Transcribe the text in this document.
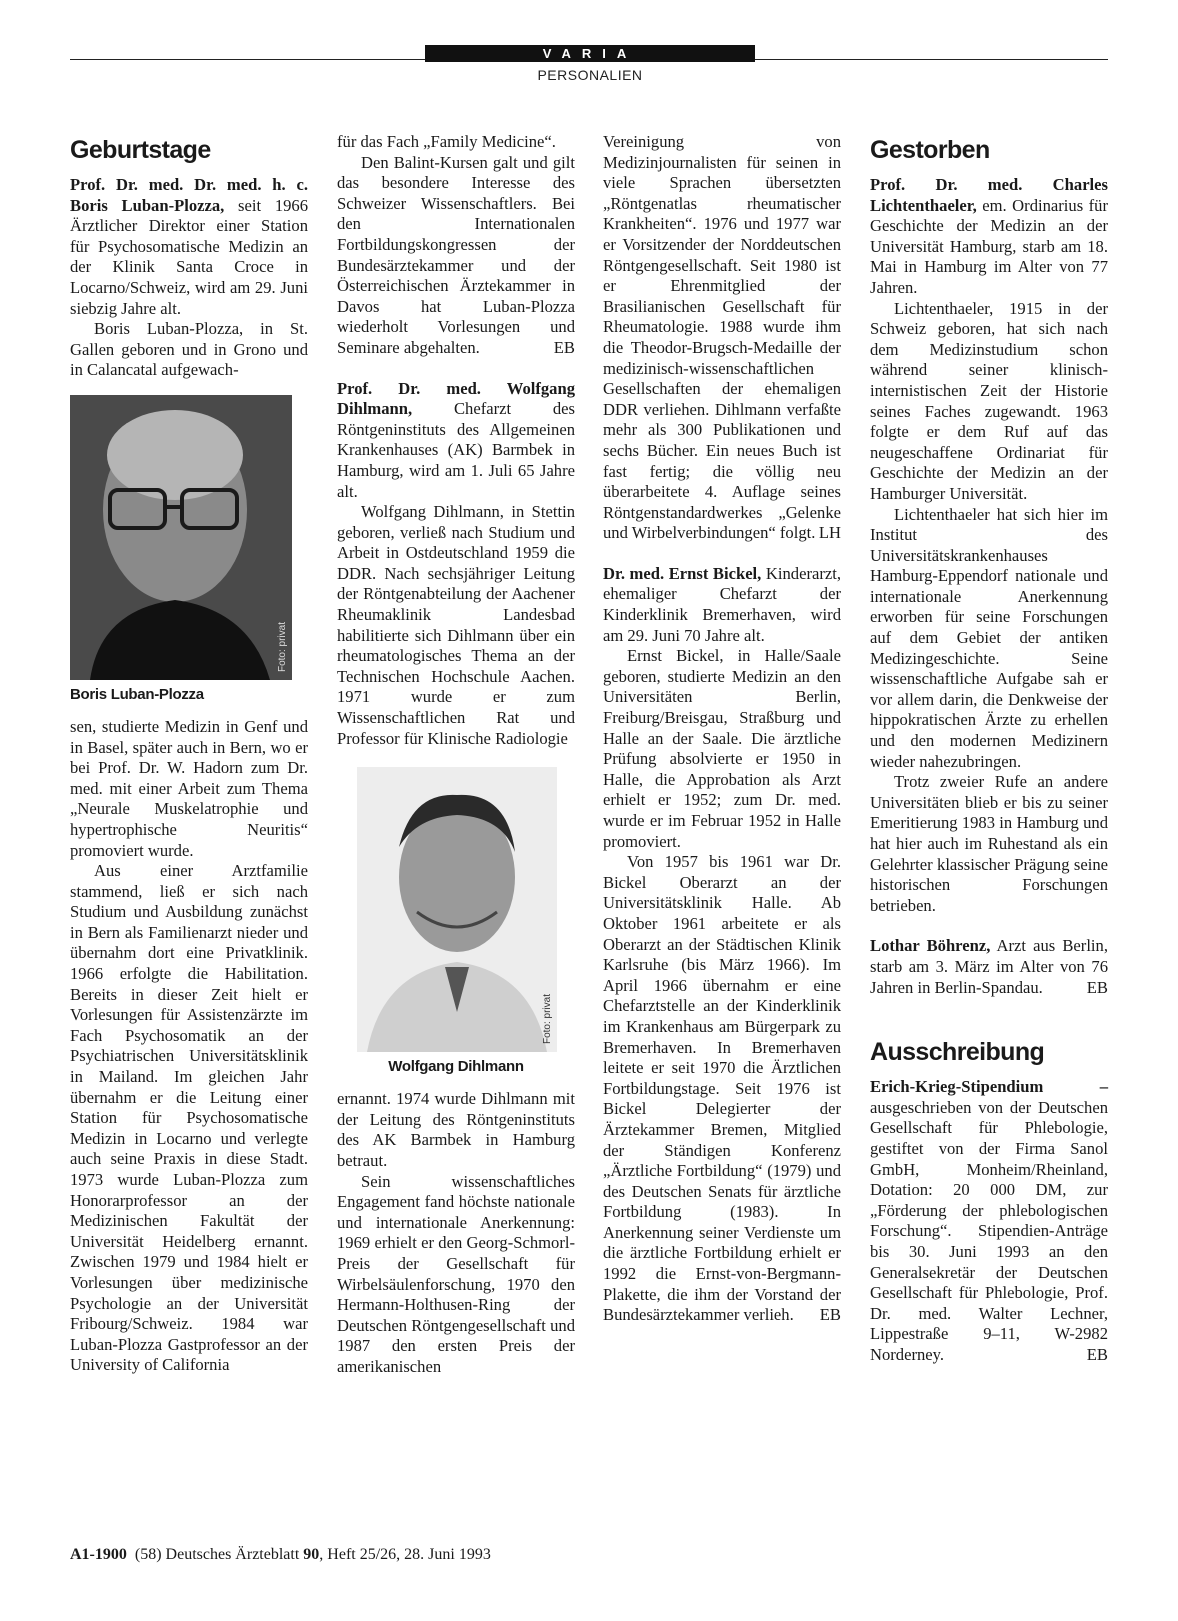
VARIA
PERSONALIEN
Geburtstage

Prof. Dr. med. Dr. med. h. c. Boris Luban-Plozza, seit 1966 Ärztlicher Direktor einer Station für Psychosomatische Medizin an der Klinik Santa Croce in Locarno/Schweiz, wird am 29. Juni siebzig Jahre alt.

Boris Luban-Plozza, in St. Gallen geboren und in Grono und in Calancatal aufgewach-

Foto: privat
Boris Luban-Plozza

sen, studierte Medizin in Genf und in Basel, später auch in Bern, wo er bei Prof. Dr. W. Hadorn zum Dr. med. mit einer Arbeit zum Thema „Neurale Muskelatrophie und hypertrophische Neuritis“ promoviert wurde.

Aus einer Arztfamilie stammend, ließ er sich nach Studium und Ausbildung zunächst in Bern als Familienarzt nieder und übernahm dort eine Privatklinik. 1966 erfolgte die Habilitation. Bereits in dieser Zeit hielt er Vorlesungen für Assistenzärzte im Fach Psychosomatik an der Psychiatrischen Universitätsklinik in Mailand. Im gleichen Jahr übernahm er die Leitung einer Station für Psychosomatische Medizin in Locarno und verlegte auch seine Praxis in diese Stadt. 1973 wurde Luban-Plozza zum Honorarprofessor an der Medizinischen Fakultät der Universität Heidelberg ernannt. Zwischen 1979 und 1984 hielt er Vorlesungen über medizinische Psychologie an der Universität Fribourg/Schweiz. 1984 war Luban-Plozza Gastprofessor an der University of California

für das Fach „Family Medicine“.

Den Balint-Kursen galt und gilt das besondere Interesse des Schweizer Wissenschaftlers. Bei den Internationalen Fortbildungskongressen der Bundesärztekammer und der Österreichischen Ärztekammer in Davos hat Luban-Plozza wiederholt Vorlesungen und Seminare abgehalten.	EB

Prof. Dr. med. Wolfgang Dihlmann, Chefarzt des Röntgeninstituts des Allgemeinen Krankenhauses (AK) Barmbek in Hamburg, wird am 1. Juli 65 Jahre alt.

Wolfgang Dihlmann, in Stettin geboren, verließ nach Studium und Arbeit in Ostdeutschland 1959 die DDR. Nach sechsjähriger Leitung der Röntgenabteilung der Aachener Rheumaklinik Landesbad habilitierte sich Dihlmann über ein rheumatologisches Thema an der Technischen Hochschule Aachen. 1971 wurde er zum Wissenschaftlichen Rat und Professor für Klinische Radiologie

Foto: privat
Wolfgang Dihlmann

ernannt. 1974 wurde Dihlmann mit der Leitung des Röntgeninstituts des AK Barmbek in Hamburg betraut.

Sein wissenschaftliches Engagement fand höchste nationale und internationale Anerkennung: 1969 erhielt er den Georg-Schmorl-Preis der Gesellschaft für Wirbelsäulenforschung, 1970 den Hermann-Holthusen-Ring der Deutschen Röntgengesellschaft und 1987 den ersten Preis der amerikanischen

Vereinigung von Medizinjournalisten für seinen in viele Sprachen übersetzten „Röntgenatlas rheumatischer Krankheiten“. 1976 und 1977 war er Vorsitzender der Norddeutschen Röntgengesellschaft. Seit 1980 ist er Ehrenmitglied der Brasilianischen Gesellschaft für Rheumatologie. 1988 wurde ihm die Theodor-Brugsch-Medaille der medizinisch-wissenschaftlichen Gesellschaften der ehemaligen DDR verliehen. Dihlmann verfaßte mehr als 300 Publikationen und sechs Bücher. Ein neues Buch ist fast fertig; die völlig neu überarbeitete 4. Auflage seines Röntgenstandardwerkes „Gelenke und Wirbelverbindungen“ folgt. LH

Dr. med. Ernst Bickel, Kinderarzt, ehemaliger Chefarzt der Kinderklinik Bremerhaven, wird am 29. Juni 70 Jahre alt.

Ernst Bickel, in Halle/Saale geboren, studierte Medizin an den Universitäten Berlin, Freiburg/Breisgau, Straßburg und Halle an der Saale. Die ärztliche Prüfung absolvierte er 1950 in Halle, die Approbation als Arzt erhielt er 1952; zum Dr. med. wurde er im Februar 1952 in Halle promoviert.

Von 1957 bis 1961 war Dr. Bickel Oberarzt an der Universitätsklinik Halle. Ab Oktober 1961 arbeitete er als Oberarzt an der Städtischen Klinik Karlsruhe (bis März 1966). Im April 1966 übernahm er eine Chefarztstelle an der Kinderklinik im Krankenhaus am Bürgerpark zu Bremerhaven. In Bremerhaven leitete er seit 1970 die Ärztlichen Fortbildungstage. Seit 1976 ist Bickel Delegierter der Ärztekammer Bremen, Mitglied der Ständigen Konferenz „Ärztliche Fortbildung“ (1979) und des Deutschen Senats für ärztliche Fortbildung (1983). In Anerkennung seiner Verdienste um die ärztliche Fortbildung erhielt er 1992 die Ernst-von-Bergmann-Plakette, die ihm der Vorstand der Bundesärztekammer verlieh. EB

Gestorben

Prof. Dr. med. Charles Lichtenthaeler, em. Ordinarius für Geschichte der Medizin an der Universität Hamburg, starb am 18. Mai in Hamburg im Alter von 77 Jahren.

Lichtenthaeler, 1915 in der Schweiz geboren, hat sich nach dem Medizinstudium schon während seiner klinisch-internistischen Zeit der Historie seines Faches zugewandt. 1963 folgte er dem Ruf auf das neugeschaffene Ordinariat für Geschichte der Medizin an der Hamburger Universität.

Lichtenthaeler hat sich hier im Institut des Universitätskrankenhauses Hamburg-Eppendorf nationale und internationale Anerkennung erworben für seine Forschungen auf dem Gebiet der antiken Medizingeschichte. Seine wissenschaftliche Aufgabe sah er vor allem darin, die Denkweise der hippokratischen Ärzte zu erhellen und den modernen Medizinern wieder nahezubringen.

Trotz zweier Rufe an andere Universitäten blieb er bis zu seiner Emeritierung 1983 in Hamburg und hat hier auch im Ruhestand als ein Gelehrter klassischer Prägung seine historischen Forschungen betrieben.

Lothar Böhrenz, Arzt aus Berlin, starb am 3. März im Alter von 76 Jahren in Berlin-Spandau.	EB

Ausschreibung

Erich-Krieg-Stipendium – ausgeschrieben von der Deutschen Gesellschaft für Phlebologie, gestiftet von der Firma Sanol GmbH, Monheim/Rheinland, Dotation: 20 000 DM, zur „Förderung der phlebologischen Forschung“. Stipendien-Anträge bis 30. Juni 1993 an den Generalsekretär der Deutschen Gesellschaft für Phlebologie, Prof. Dr. med. Walter Lechner, Lippestraße 9–11, W-2982 Norderney.	EB

A1-1900 (58) Deutsches Ärzteblatt 90, Heft 25/26, 28. Juni 1993
